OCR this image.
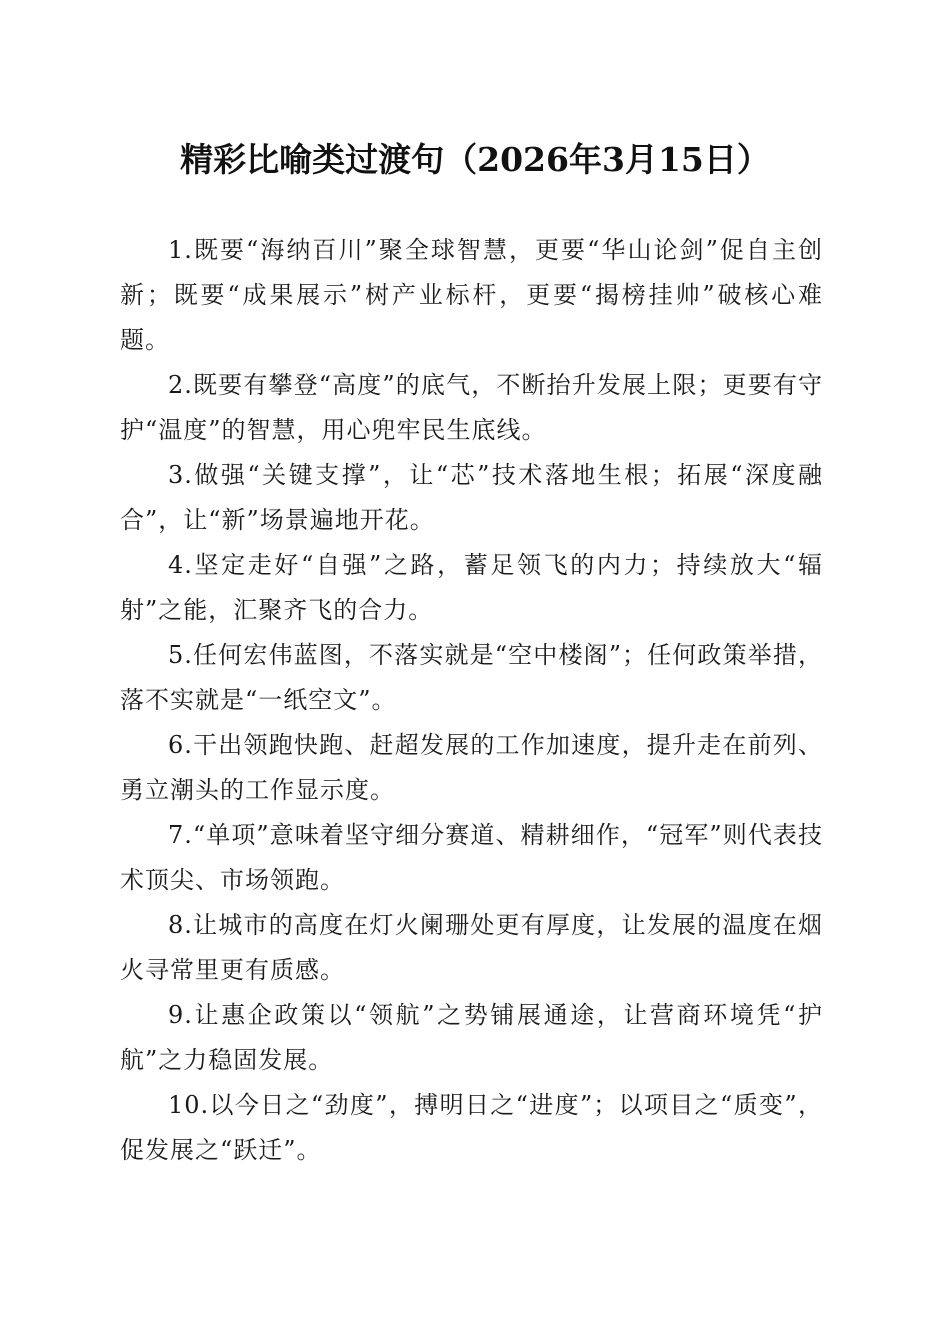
精彩比喻类过渡句（2026年3月15日）

1.既要“海纳百川”聚全球智慧，更要“华山论剑”促自主创新；既要“成果展示”树产业标杆，更要“揭榜挂帅”破核心难题。

2.既要有攀登“高度”的底气，不断抬升发展上限；更要有守护“温度”的智慧，用心兜牢民生底线。

3.做强“关键支撑”，让“芯”技术落地生根；拓展“深度融合”，让“新”场景遍地开花。

4.坚定走好“自强”之路，蓄足领飞的内力；持续放大“辐射”之能，汇聚齐飞的合力。

5.任何宏伟蓝图，不落实就是“空中楼阁”；任何政策举措，落不实就是“一纸空文”。

6.干出领跑快跑、赶超发展的工作加速度，提升走在前列、勇立潮头的工作显示度。

7.“单项”意味着坚守细分赛道、精耕细作，“冠军”则代表技术顶尖、市场领跑。

8.让城市的高度在灯火阑珊处更有厚度，让发展的温度在烟火寻常里更有质感。

9.让惠企政策以“领航”之势铺展通途，让营商环境凭“护航”之力稳固发展。

10.以今日之“劲度”，搏明日之“进度”；以项目之“质变”，促发展之“跃迁”。
